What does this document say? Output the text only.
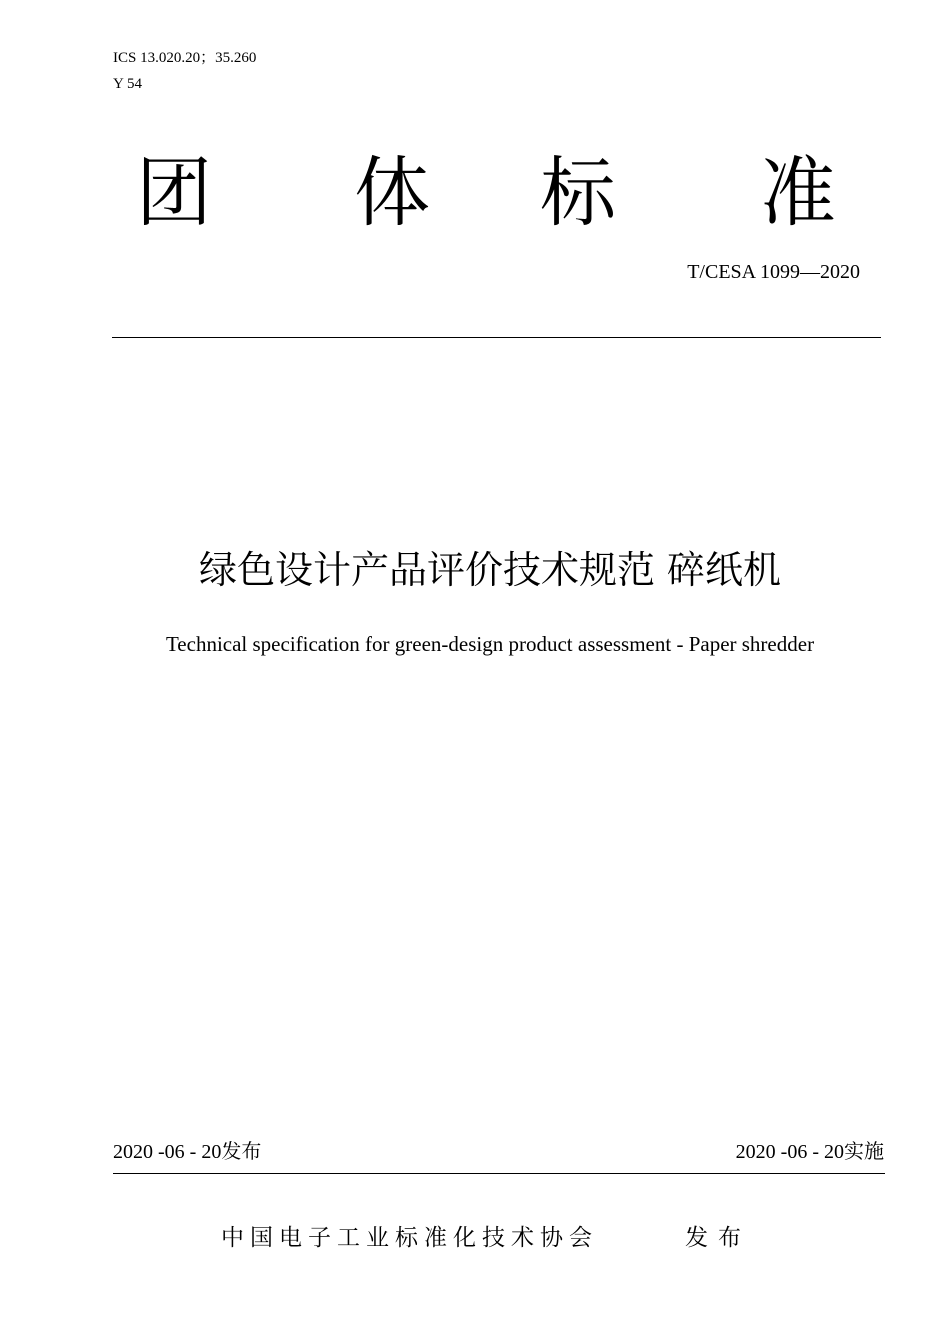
ICS 13.020.20；35.260
Y 54
团 体 标 准
T/CESA 1099—2020
绿色设计产品评价技术规范 碎纸机
Technical specification for green-design product assessment - Paper shredder
2020 -06 - 20发布	2020 -06 - 20实施
中国电子工业标准化技术协会	发布
